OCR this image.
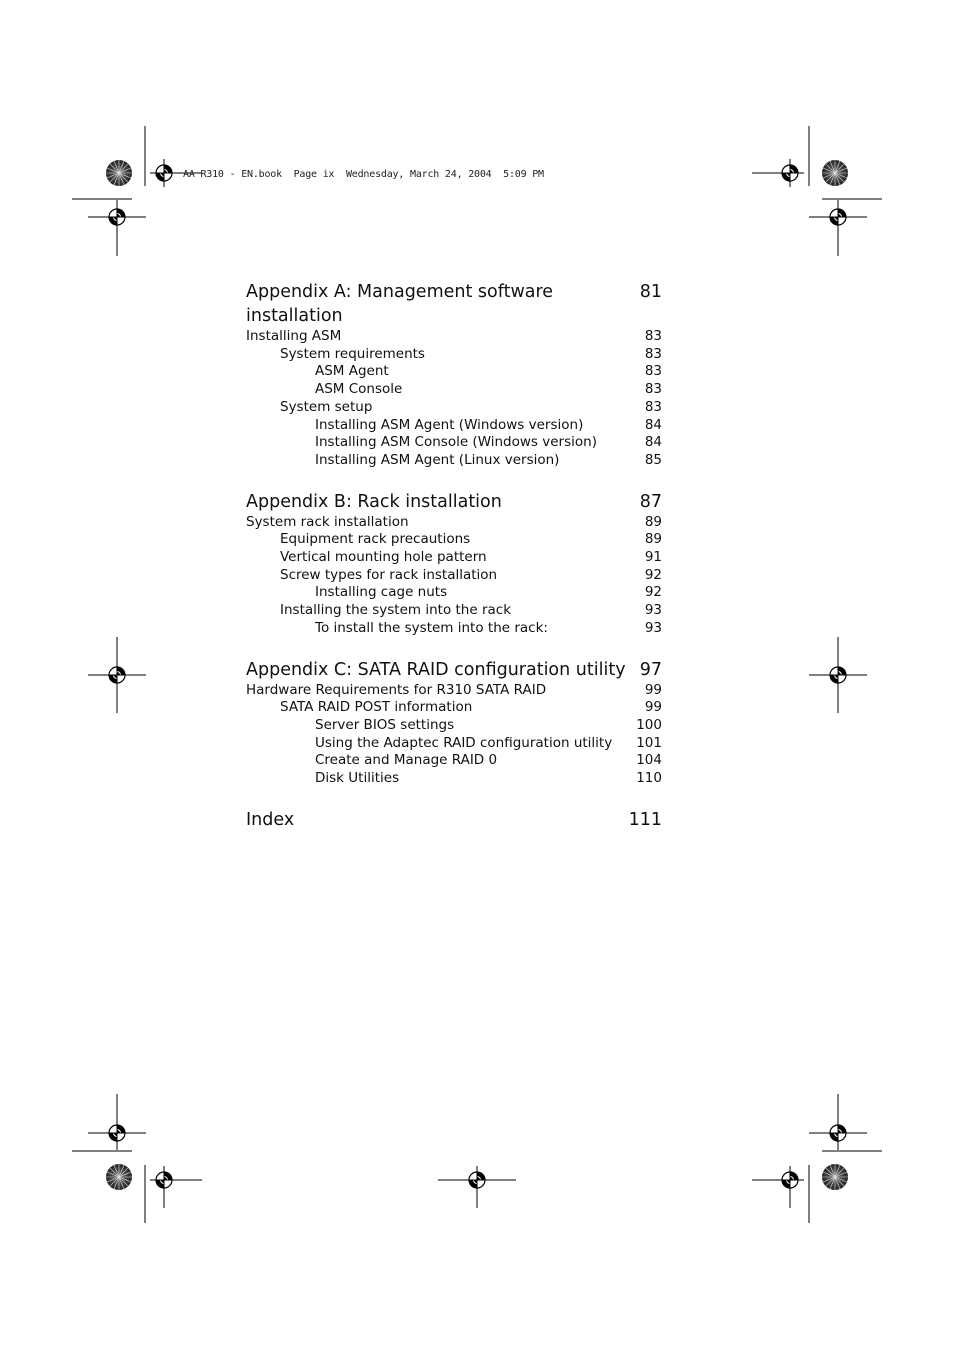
AA R310 - EN.book  Page ix  Wednesday, March 24, 2004  5:09 PM
Appendix A: Management software installation
81
Installing ASM	83
System requirements	83
ASM Agent	83
ASM Console	83
System setup	83
Installing ASM Agent (Windows version)	84
Installing ASM Console (Windows version)	84
Installing ASM Agent (Linux version)	85
Appendix B: Rack installation	87
System rack installation	89
Equipment rack precautions	89
Vertical mounting hole pattern	91
Screw types for rack installation	92
Installing cage nuts	92
Installing the system into the rack	93
To install the system into the rack:	93
Appendix C: SATA RAID configuration utility 97
Hardware Requirements for R310 SATA RAID	99
SATA RAID POST information	99
Server BIOS settings	100
Using the Adaptec RAID configuration utility 101
Create and Manage RAID 0	104
Disk Utilities	110
Index	111
